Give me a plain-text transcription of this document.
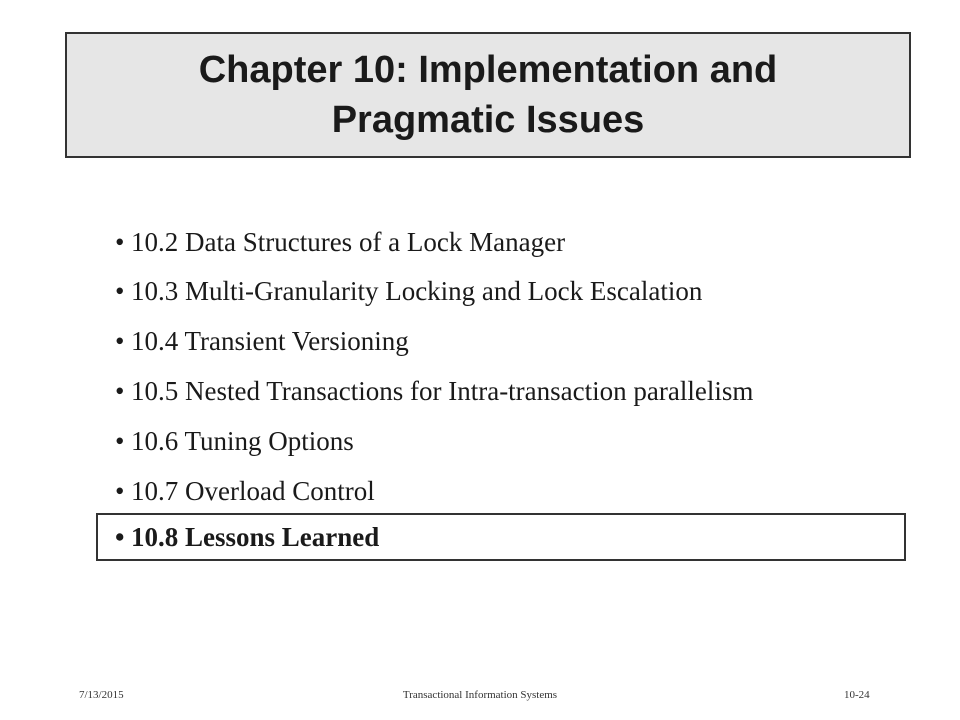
Chapter 10: Implementation and
Pragmatic Issues
• 10.2 Data Structures of a Lock Manager
• 10.3 Multi-Granularity Locking and Lock Escalation
• 10.4 Transient Versioning
• 10.5 Nested Transactions for Intra-transaction parallelism
• 10.6 Tuning Options
• 10.7 Overload Control
• 10.8 Lessons Learned
7/13/2015	Transactional Information Systems	10-24
